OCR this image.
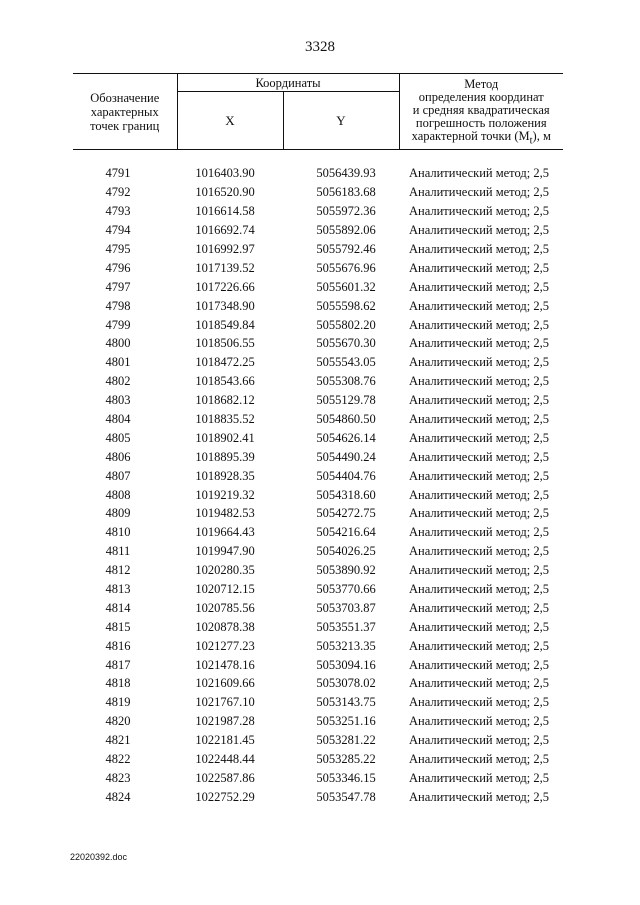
3328
Обозначение
характерных
точек границ	Координаты		Метод
определения координат
и средняя квадратическая
погрешность положения
характерной точки $(M_t)$, м
	X	Y	

4791	1016403.90	5056439.93	Аналитический метод; 2,5
4792	1016520.90	5056183.68	Аналитический метод; 2,5
4793	1016614.58	5055972.36	Аналитический метод; 2,5
4794	1016692.74	5055892.06	Аналитический метод; 2,5
4795	1016992.97	5055792.46	Аналитический метод; 2,5
4796	1017139.52	5055676.96	Аналитический метод; 2,5
4797	1017226.66	5055601.32	Аналитический метод; 2,5
4798	1017348.90	5055598.62	Аналитический метод; 2,5
4799	1018549.84	5055802.20	Аналитический метод; 2,5
4800	1018506.55	5055670.30	Аналитический метод; 2,5
4801	1018472.25	5055543.05	Аналитический метод; 2,5
4802	1018543.66	5055308.76	Аналитический метод; 2,5
4803	1018682.12	5055129.78	Аналитический метод; 2,5
4804	1018835.52	5054860.50	Аналитический метод; 2,5
4805	1018902.41	5054626.14	Аналитический метод; 2,5
4806	1018895.39	5054490.24	Аналитический метод; 2,5
4807	1018928.35	5054404.76	Аналитический метод; 2,5
4808	1019219.32	5054318.60	Аналитический метод; 2,5
4809	1019482.53	5054272.75	Аналитический метод; 2,5
4810	1019664.43	5054216.64	Аналитический метод; 2,5
4811	1019947.90	5054026.25	Аналитический метод; 2,5
4812	1020280.35	5053890.92	Аналитический метод; 2,5
4813	1020712.15	5053770.66	Аналитический метод; 2,5
4814	1020785.56	5053703.87	Аналитический метод; 2,5
4815	1020878.38	5053551.37	Аналитический метод; 2,5
4816	1021277.23	5053213.35	Аналитический метод; 2,5
4817	1021478.16	5053094.16	Аналитический метод; 2,5
4818	1021609.66	5053078.02	Аналитический метод; 2,5
4819	1021767.10	5053143.75	Аналитический метод; 2,5
4820	1021987.28	5053251.16	Аналитический метод; 2,5
4821	1022181.45	5053281.22	Аналитический метод; 2,5
4822	1022448.44	5053285.22	Аналитический метод; 2,5
4823	1022587.86	5053346.15	Аналитический метод; 2,5
4824	1022752.29	5053547.78	Аналитический метод; 2,5
22020392.doc
